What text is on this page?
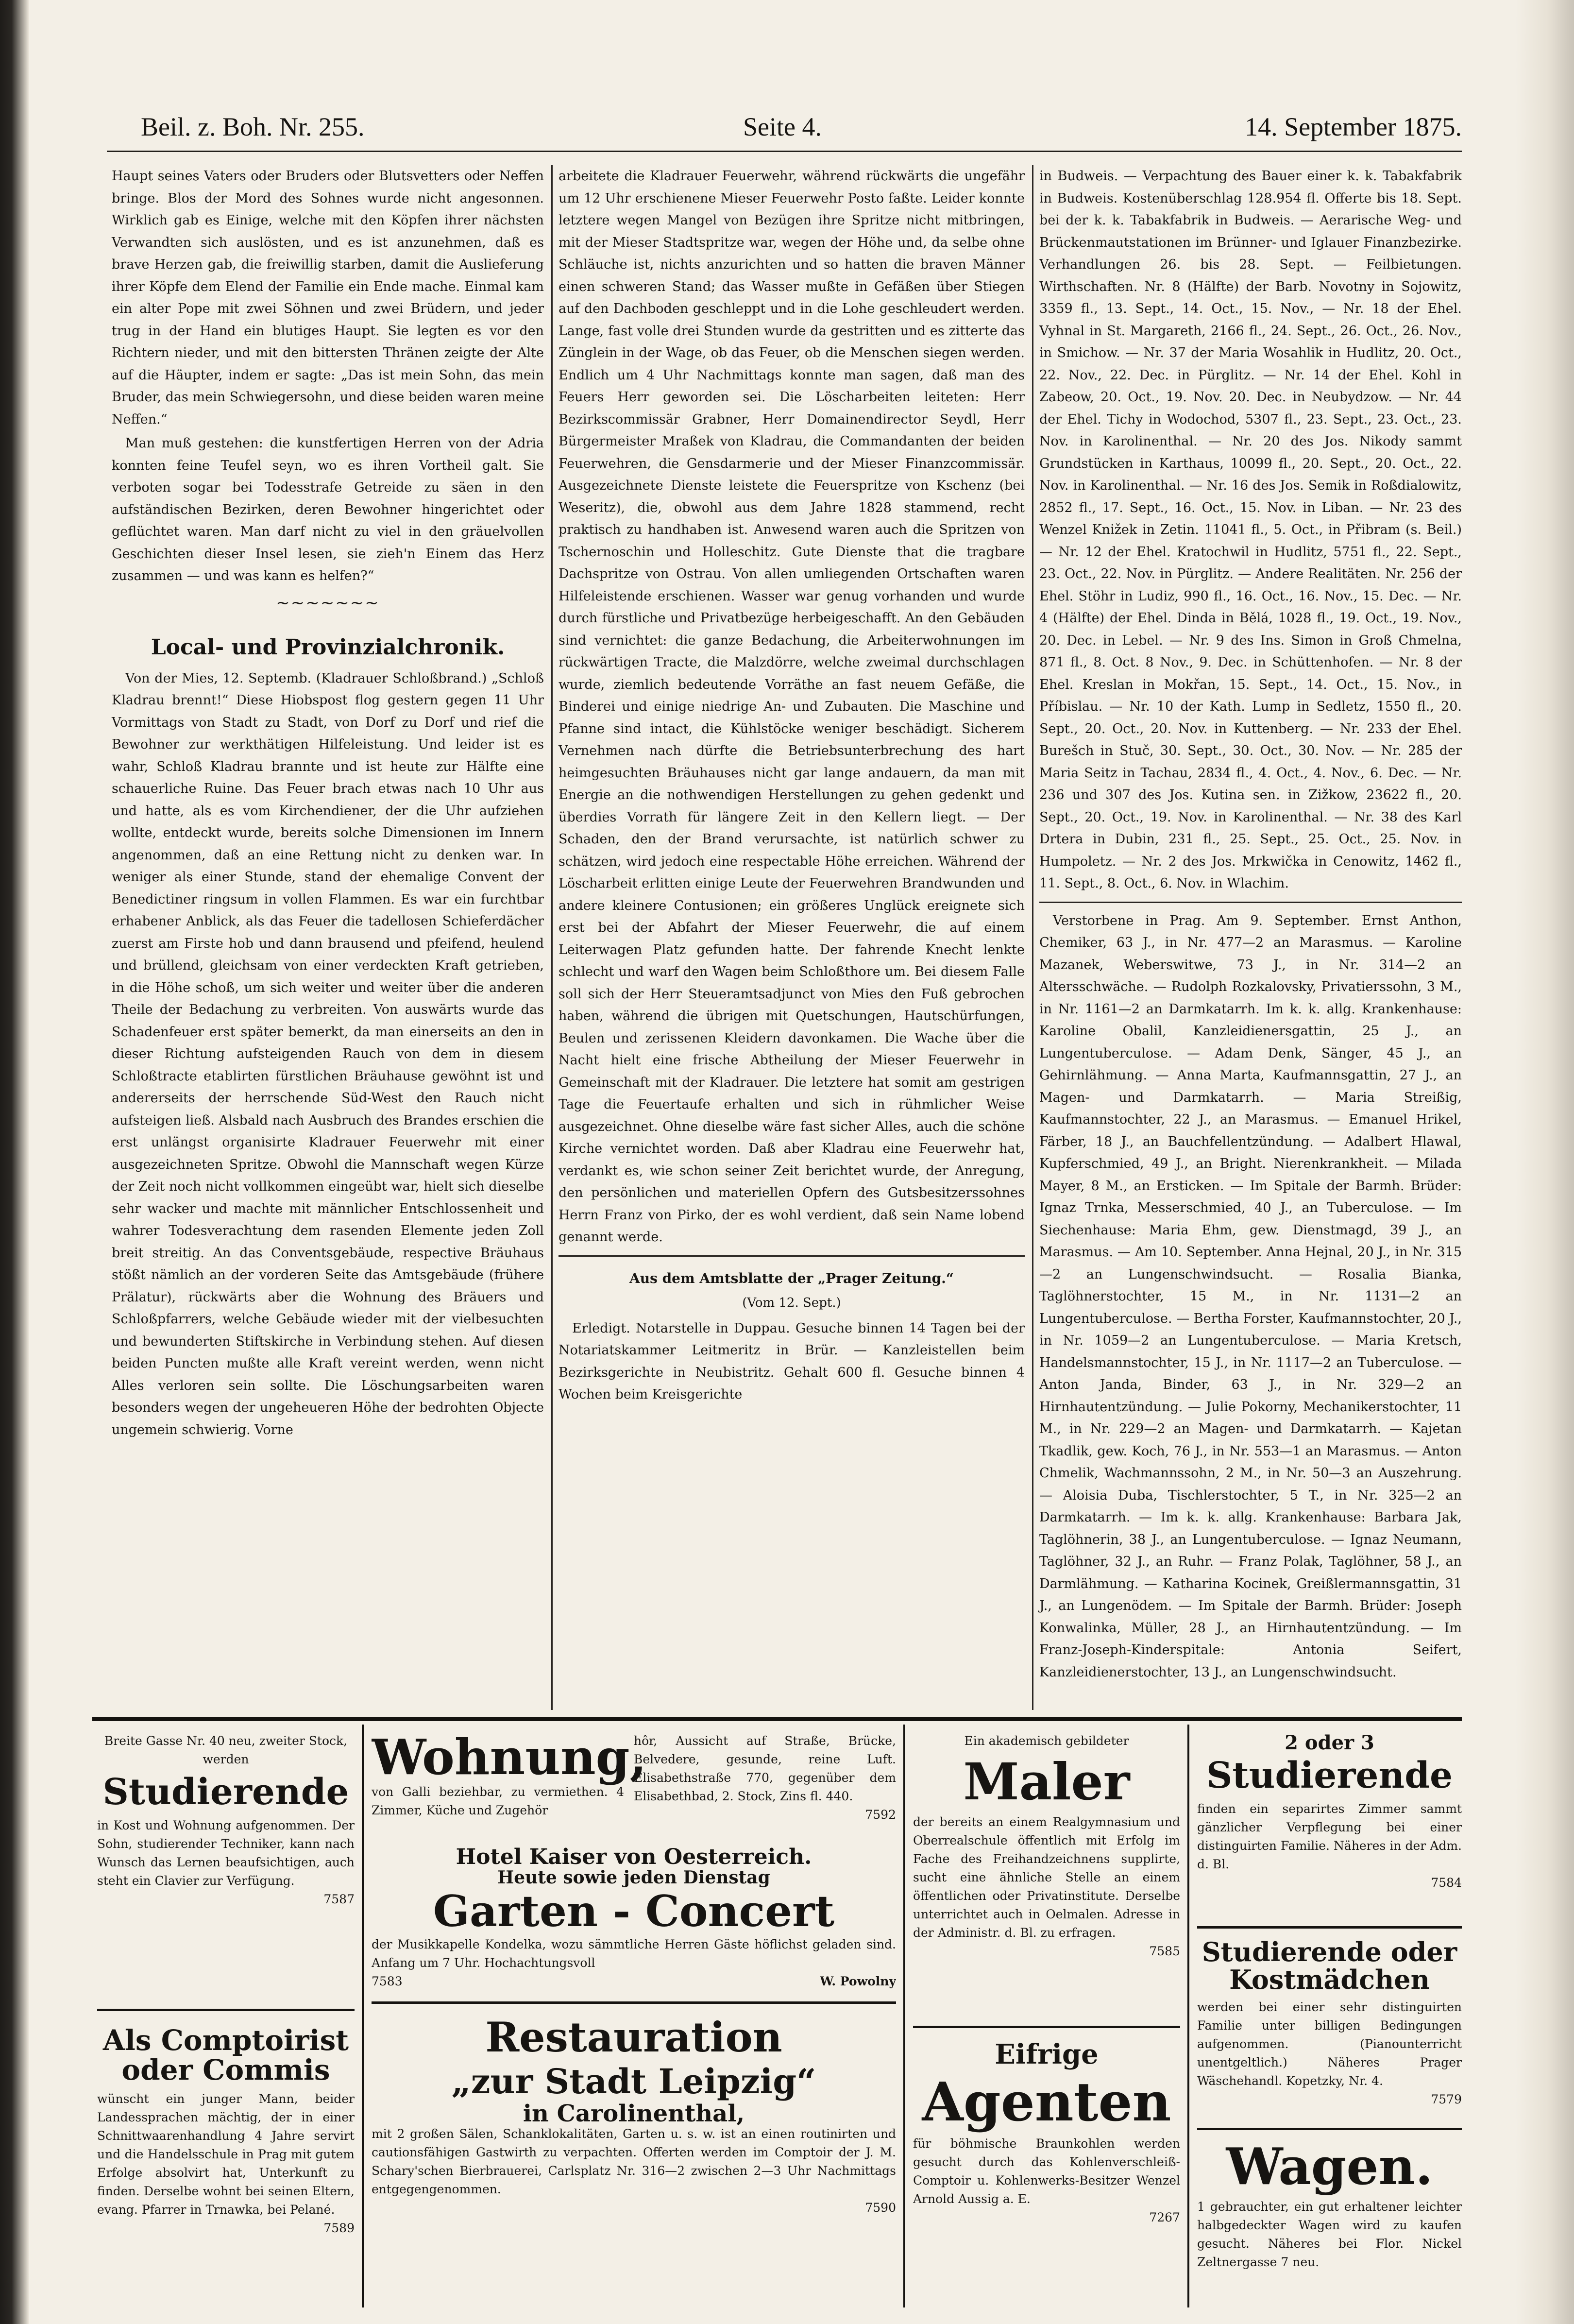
Beil. z. Boh. Nr. 255.	Seite 4.	14. September 1875.

Haupt seines Vaters oder Bruders oder Blutsvetters oder Neffen bringe. Blos der Mord des Sohnes wurde nicht angesonnen. Wirklich gab es Einige, welche mit den Köpfen ihrer nächsten Verwandten sich auslösten, und es ist anzunehmen, daß es brave Herzen gab, die freiwillig starben, damit die Auslieferung ihrer Köpfe dem Elend der Familie ein Ende mache. Einmal kam ein alter Pope mit zwei Söhnen und zwei Brüdern, und jeder trug in der Hand ein blutiges Haupt. Sie legten es vor den Richtern nieder, und mit den bittersten Thränen zeigte der Alte auf die Häupter, indem er sagte: „Das ist mein Sohn, das mein Bruder, das mein Schwiegersohn, und diese beiden waren meine Neffen.“

Man muß gestehen: die kunstfertigen Herren von der Adria konnten feine Teufel seyn, wo es ihren Vortheil galt. Sie verboten sogar bei Todesstrafe Getreide zu säen in den aufständischen Bezirken, deren Bewohner hingerichtet oder geflüchtet waren. Man darf nicht zu viel in den gräuelvollen Geschichten dieser Insel lesen, sie zieh'n Einem das Herz zusammen — und was kann es helfen?“

~~~~~~~
Local- und Provinzialchronik.

Von der Mies, 12. Septemb. (Kladrauer Schloßbrand.) „Schloß Kladrau brennt!“ Diese Hiobspost flog gestern gegen 11 Uhr Vormittags von Stadt zu Stadt, von Dorf zu Dorf und rief die Bewohner zur werkthätigen Hilfeleistung. Und leider ist es wahr, Schloß Kladrau brannte und ist heute zur Hälfte eine schauerliche Ruine. Das Feuer brach etwas nach 10 Uhr aus und hatte, als es vom Kirchendiener, der die Uhr aufziehen wollte, entdeckt wurde, bereits solche Dimensionen im Innern angenommen, daß an eine Rettung nicht zu denken war. In weniger als einer Stunde, stand der ehemalige Convent der Benedictiner ringsum in vollen Flammen. Es war ein furchtbar erhabener Anblick, als das Feuer die tadellosen Schieferdächer zuerst am Firste hob und dann brausend und pfeifend, heulend und brüllend, gleichsam von einer verdeckten Kraft getrieben, in die Höhe schoß, um sich weiter und weiter über die anderen Theile der Bedachung zu verbreiten. Von auswärts wurde das Schadenfeuer erst später bemerkt, da man einerseits an den in dieser Richtung aufsteigenden Rauch von dem in diesem Schloßtracte etablirten fürstlichen Bräuhause gewöhnt ist und andererseits der herrschende Süd-West den Rauch nicht aufsteigen ließ. Alsbald nach Ausbruch des Brandes erschien die erst unlängst organisirte Kladrauer Feuerwehr mit einer ausgezeichneten Spritze. Obwohl die Mannschaft wegen Kürze der Zeit noch nicht vollkommen eingeübt war, hielt sich dieselbe sehr wacker und machte mit männlicher Entschlossenheit und wahrer Todesverachtung dem rasenden Elemente jeden Zoll breit streitig. An das Conventsgebäude, respective Bräuhaus stößt nämlich an der vorderen Seite das Amtsgebäude (frühere Prälatur), rückwärts aber die Wohnung des Bräuers und Schloßpfarrers, welche Gebäude wieder mit der vielbesuchten und bewunderten Stiftskirche in Verbindung stehen. Auf diesen beiden Puncten mußte alle Kraft vereint werden, wenn nicht Alles verloren sein sollte. Die Löschungsarbeiten waren besonders wegen der ungeheueren Höhe der bedrohten Objecte ungemein schwierig. Vorne

arbeitete die Kladrauer Feuerwehr, während rückwärts die ungefähr um 12 Uhr erschienene Mieser Feuerwehr Posto faßte. Leider konnte letztere wegen Mangel von Bezügen ihre Spritze nicht mitbringen, mit der Mieser Stadtspritze war, wegen der Höhe und, da selbe ohne Schläuche ist, nichts anzurichten und so hatten die braven Männer einen schweren Stand; das Wasser mußte in Gefäßen über Stiegen auf den Dachboden geschleppt und in die Lohe geschleudert werden. Lange, fast volle drei Stunden wurde da gestritten und es zitterte das Zünglein in der Wage, ob das Feuer, ob die Menschen siegen werden. Endlich um 4 Uhr Nachmittags konnte man sagen, daß man des Feuers Herr geworden sei. Die Löscharbeiten leiteten: Herr Bezirkscommissär Grabner, Herr Domainendirector Seydl, Herr Bürgermeister Mraßek von Kladrau, die Commandanten der beiden Feuerwehren, die Gensdarmerie und der Mieser Finanzcommissär. Ausgezeichnete Dienste leistete die Feuerspritze von Kschenz (bei Weseritz), die, obwohl aus dem Jahre 1828 stammend, recht praktisch zu handhaben ist. Anwesend waren auch die Spritzen von Tschernoschin und Holleschitz. Gute Dienste that die tragbare Dachspritze von Ostrau. Von allen umliegenden Ortschaften waren Hilfeleistende erschienen. Wasser war genug vorhanden und wurde durch fürstliche und Privatbezüge herbeigeschafft. An den Gebäuden sind vernichtet: die ganze Bedachung, die Arbeiterwohnungen im rückwärtigen Tracte, die Malzdörre, welche zweimal durchschlagen wurde, ziemlich bedeutende Vorräthe an fast neuem Gefäße, die Binderei und einige niedrige An- und Zubauten. Die Maschine und Pfanne sind intact, die Kühlstöcke weniger beschädigt. Sicherem Vernehmen nach dürfte die Betriebsunterbrechung des hart heimgesuchten Bräuhauses nicht gar lange andauern, da man mit Energie an die nothwendigen Herstellungen zu gehen gedenkt und überdies Vorrath für längere Zeit in den Kellern liegt. — Der Schaden, den der Brand verursachte, ist natürlich schwer zu schätzen, wird jedoch eine respectable Höhe erreichen. Während der Löscharbeit erlitten einige Leute der Feuerwehren Brandwunden und andere kleinere Contusionen; ein größeres Unglück ereignete sich erst bei der Abfahrt der Mieser Feuerwehr, die auf einem Leiterwagen Platz gefunden hatte. Der fahrende Knecht lenkte schlecht und warf den Wagen beim Schloßthore um. Bei diesem Falle soll sich der Herr Steueramtsadjunct von Mies den Fuß gebrochen haben, während die übrigen mit Quetschungen, Hautschürfungen, Beulen und zerissenen Kleidern davonkamen. Die Wache über die Nacht hielt eine frische Abtheilung der Mieser Feuerwehr in Gemeinschaft mit der Kladrauer. Die letztere hat somit am gestrigen Tage die Feuertaufe erhalten und sich in rühmlicher Weise ausgezeichnet. Ohne dieselbe wäre fast sicher Alles, auch die schöne Kirche vernichtet worden. Daß aber Kladrau eine Feuerwehr hat, verdankt es, wie schon seiner Zeit berichtet wurde, der Anregung, den persönlichen und materiellen Opfern des Gutsbesitzerssohnes Herrn Franz von Pirko, der es wohl verdient, daß sein Name lobend genannt werde.

Aus dem Amtsblatte der „Prager Zeitung.“
(Vom 12. Sept.)

Erledigt. Notarstelle in Duppau. Gesuche binnen 14 Tagen bei der Notariatskammer Leitmeritz in Brür. — Kanzleistellen beim Bezirksgerichte in Neubistritz. Gehalt 600 fl. Gesuche binnen 4 Wochen beim Kreisgerichte

in Budweis. — Verpachtung des Bauer einer k. k. Tabakfabrik in Budweis. Kostenüberschlag 128.954 fl. Offerte bis 18. Sept. bei der k. k. Tabakfabrik in Budweis. — Aerarische Weg- und Brückenmautstationen im Brünner- und Iglauer Finanzbezirke. Verhandlungen 26. bis 28. Sept. — Feilbietungen. Wirthschaften. Nr. 8 (Hälfte) der Barb. Novotny in Sojowitz, 3359 fl., 13. Sept., 14. Oct., 15. Nov., — Nr. 18 der Ehel. Vyhnal in St. Margareth, 2166 fl., 24. Sept., 26. Oct., 26. Nov., in Smichow. — Nr. 37 der Maria Wosahlik in Hudlitz, 20. Oct., 22. Nov., 22. Dec. in Pürglitz. — Nr. 14 der Ehel. Kohl in Zabeow, 20. Oct., 19. Nov. 20. Dec. in Neubydzow. — Nr. 44 der Ehel. Tichy in Wodochod, 5307 fl., 23. Sept., 23. Oct., 23. Nov. in Karolinenthal. — Nr. 20 des Jos. Nikody sammt Grundstücken in Karthaus, 10099 fl., 20. Sept., 20. Oct., 22. Nov. in Karolinenthal. — Nr. 16 des Jos. Semik in Roßdialowitz, 2852 fl., 17. Sept., 16. Oct., 15. Nov. in Liban. — Nr. 23 des Wenzel Knižek in Zetin. 11041 fl., 5. Oct., in Přibram (s. Beil.) — Nr. 12 der Ehel. Kratochwil in Hudlitz, 5751 fl., 22. Sept., 23. Oct., 22. Nov. in Pürglitz. — Andere Realitäten. Nr. 256 der Ehel. Stöhr in Ludiz, 990 fl., 16. Oct., 16. Nov., 15. Dec. — Nr. 4 (Hälfte) der Ehel. Dinda in Bělá, 1028 fl., 19. Oct., 19. Nov., 20. Dec. in Lebel. — Nr. 9 des Ins. Simon in Groß Chmelna, 871 fl., 8. Oct. 8 Nov., 9. Dec. in Schüttenhofen. — Nr. 8 der Ehel. Kreslan in Mokřan, 15. Sept., 14. Oct., 15. Nov., in Příbislau. — Nr. 10 der Kath. Lump in Sedletz, 1550 fl., 20. Sept., 20. Oct., 20. Nov. in Kuttenberg. — Nr. 233 der Ehel. Burešch in Stuč, 30. Sept., 30. Oct., 30. Nov. — Nr. 285 der Maria Seitz in Tachau, 2834 fl., 4. Oct., 4. Nov., 6. Dec. — Nr. 236 und 307 des Jos. Kutina sen. in Zižkow, 23622 fl., 20. Sept., 20. Oct., 19. Nov. in Karolinenthal. — Nr. 38 des Karl Drtera in Dubin, 231 fl., 25. Sept., 25. Oct., 25. Nov. in Humpoletz. — Nr. 2 des Jos. Mrkwička in Cenowitz, 1462 fl., 11. Sept., 8. Oct., 6. Nov. in Wlachim.

Verstorbene in Prag. Am 9. September. Ernst Anthon, Chemiker, 63 J., in Nr. 477—2 an Marasmus. — Karoline Mazanek, Weberswitwe, 73 J., in Nr. 314—2 an Altersschwäche. — Rudolph Rozkalovsky, Privatierssohn, 3 M., in Nr. 1161—2 an Darmkatarrh. Im k. k. allg. Krankenhause: Karoline Obalil, Kanzleidienersgattin, 25 J., an Lungentuberculose. — Adam Denk, Sänger, 45 J., an Gehirnlähmung. — Anna Marta, Kaufmannsgattin, 27 J., an Magen- und Darmkatarrh. — Maria Streißig, Kaufmannstochter, 22 J., an Marasmus. — Emanuel Hrikel, Färber, 18 J., an Bauchfellentzündung. — Adalbert Hlawal, Kupferschmied, 49 J., an Bright. Nierenkrankheit. — Milada Mayer, 8 M., an Ersticken. — Im Spitale der Barmh. Brüder: Ignaz Trnka, Messerschmied, 40 J., an Tuberculose. — Im Siechenhause: Maria Ehm, gew. Dienstmagd, 39 J., an Marasmus. — Am 10. September. Anna Hejnal, 20 J., in Nr. 315—2 an Lungenschwindsucht. — Rosalia Bianka, Taglöhnerstochter, 15 M., in Nr. 1131—2 an Lungentuberculose. — Bertha Forster, Kaufmannstochter, 20 J., in Nr. 1059—2 an Lungentuberculose. — Maria Kretsch, Handelsmannstochter, 15 J., in Nr. 1117—2 an Tuberculose. — Anton Janda, Binder, 63 J., in Nr. 329—2 an Hirnhautentzündung. — Julie Pokorny, Mechanikerstochter, 11 M., in Nr. 229—2 an Magen- und Darmkatarrh. — Kajetan Tkadlik, gew. Koch, 76 J., in Nr. 553—1 an Marasmus. — Anton Chmelik, Wachmannssohn, 2 M., in Nr. 50—3 an Auszehrung. — Aloisia Duba, Tischlerstochter, 5 T., in Nr. 325—2 an Darmkatarrh. — Im k. k. allg. Krankenhause: Barbara Jak, Taglöhnerin, 38 J., an Lungentuberculose. — Ignaz Neumann, Taglöhner, 32 J., an Ruhr. — Franz Polak, Taglöhner, 58 J., an Darmlähmung. — Katharina Kocinek, Greißlermannsgattin, 31 J., an Lungenödem. — Im Spitale der Barmh. Brüder: Joseph Konwalinka, Müller, 28 J., an Hirnhautentzündung. — Im Franz-Joseph-Kinderspitale: Antonia Seifert, Kanzleidienerstochter, 13 J., an Lungenschwindsucht.

Breite Gasse Nr. 40 neu, zweiter Stock, werden
Studierende
in Kost und Wohnung aufgenommen. Der Sohn, studierender Techniker, kann nach Wunsch das Lernen beaufsichtigen, auch steht ein Clavier zur Verfügung.
7587
Als Comptoirist oder Commis
wünscht ein junger Mann, beider Landessprachen mächtig, der in einer Schnittwaarenhandlung 4 Jahre servirt und die Handelsschule in Prag mit gutem Erfolge absolvirt hat, Unterkunft zu finden. Derselbe wohnt bei seinen Eltern, evang. Pfarrer in Trnawka, bei Pelané.
7589
Wohnung,
von Galli beziehbar, zu vermiethen. 4 Zimmer, Küche und Zugehör
hôr, Aussicht auf Straße, Brücke, Belvedere, gesunde, reine Luft. Elisabethstraße 770, gegenüber dem Elisabethbad, 2. Stock, Zins fl. 440.
7592
Hotel Kaiser von Oesterreich.
Heute sowie jeden Dienstag
Garten - Concert
der Musikkapelle Kondelka, wozu sämmtliche Herren Gäste höflichst geladen sind. Anfang um 7 Uhr. Hochachtungsvoll
7583	W. Powolny
Restauration
„zur Stadt Leipzig“
in Carolinenthal,
mit 2 großen Sälen, Schanklokalitäten, Garten u. s. w. ist an einen routinirten und cautionsfähigen Gastwirth zu verpachten. Offerten werden im Comptoir der J. M. Schary'schen Bierbrauerei, Carlsplatz Nr. 316—2 zwischen 2—3 Uhr Nachmittags entgegengenommen.
7590
Ein akademisch gebildeter
Maler
der bereits an einem Realgymnasium und Oberrealschule öffentlich mit Erfolg im Fache des Freihandzeichnens supplirte, sucht eine ähnliche Stelle an einem öffentlichen oder Privatinstitute. Derselbe unterrichtet auch in Oelmalen. Adresse in der Administr. d. Bl. zu erfragen.
7585
Eifrige
Agenten
für böhmische Braunkohlen werden gesucht durch das Kohlenverschleiß-Comptoir u. Kohlenwerks-Besitzer Wenzel Arnold Aussig a. E.
7267
2 oder 3
Studierende
finden ein separirtes Zimmer sammt gänzlicher Verpflegung bei einer distinguirten Familie. Näheres in der Adm. d. Bl.
7584
Studierende oder Kostmädchen
werden bei einer sehr distinguirten Familie unter billigen Bedingungen aufgenommen. (Pianounterricht unentgeltlich.) Näheres Prager Wäschehandl. Kopetzky, Nr. 4.
7579
Wagen.
1 gebrauchter, ein gut erhaltener leichter halbgedeckter Wagen wird zu kaufen gesucht. Näheres bei Flor. Nickel Zeltnergasse 7 neu.
